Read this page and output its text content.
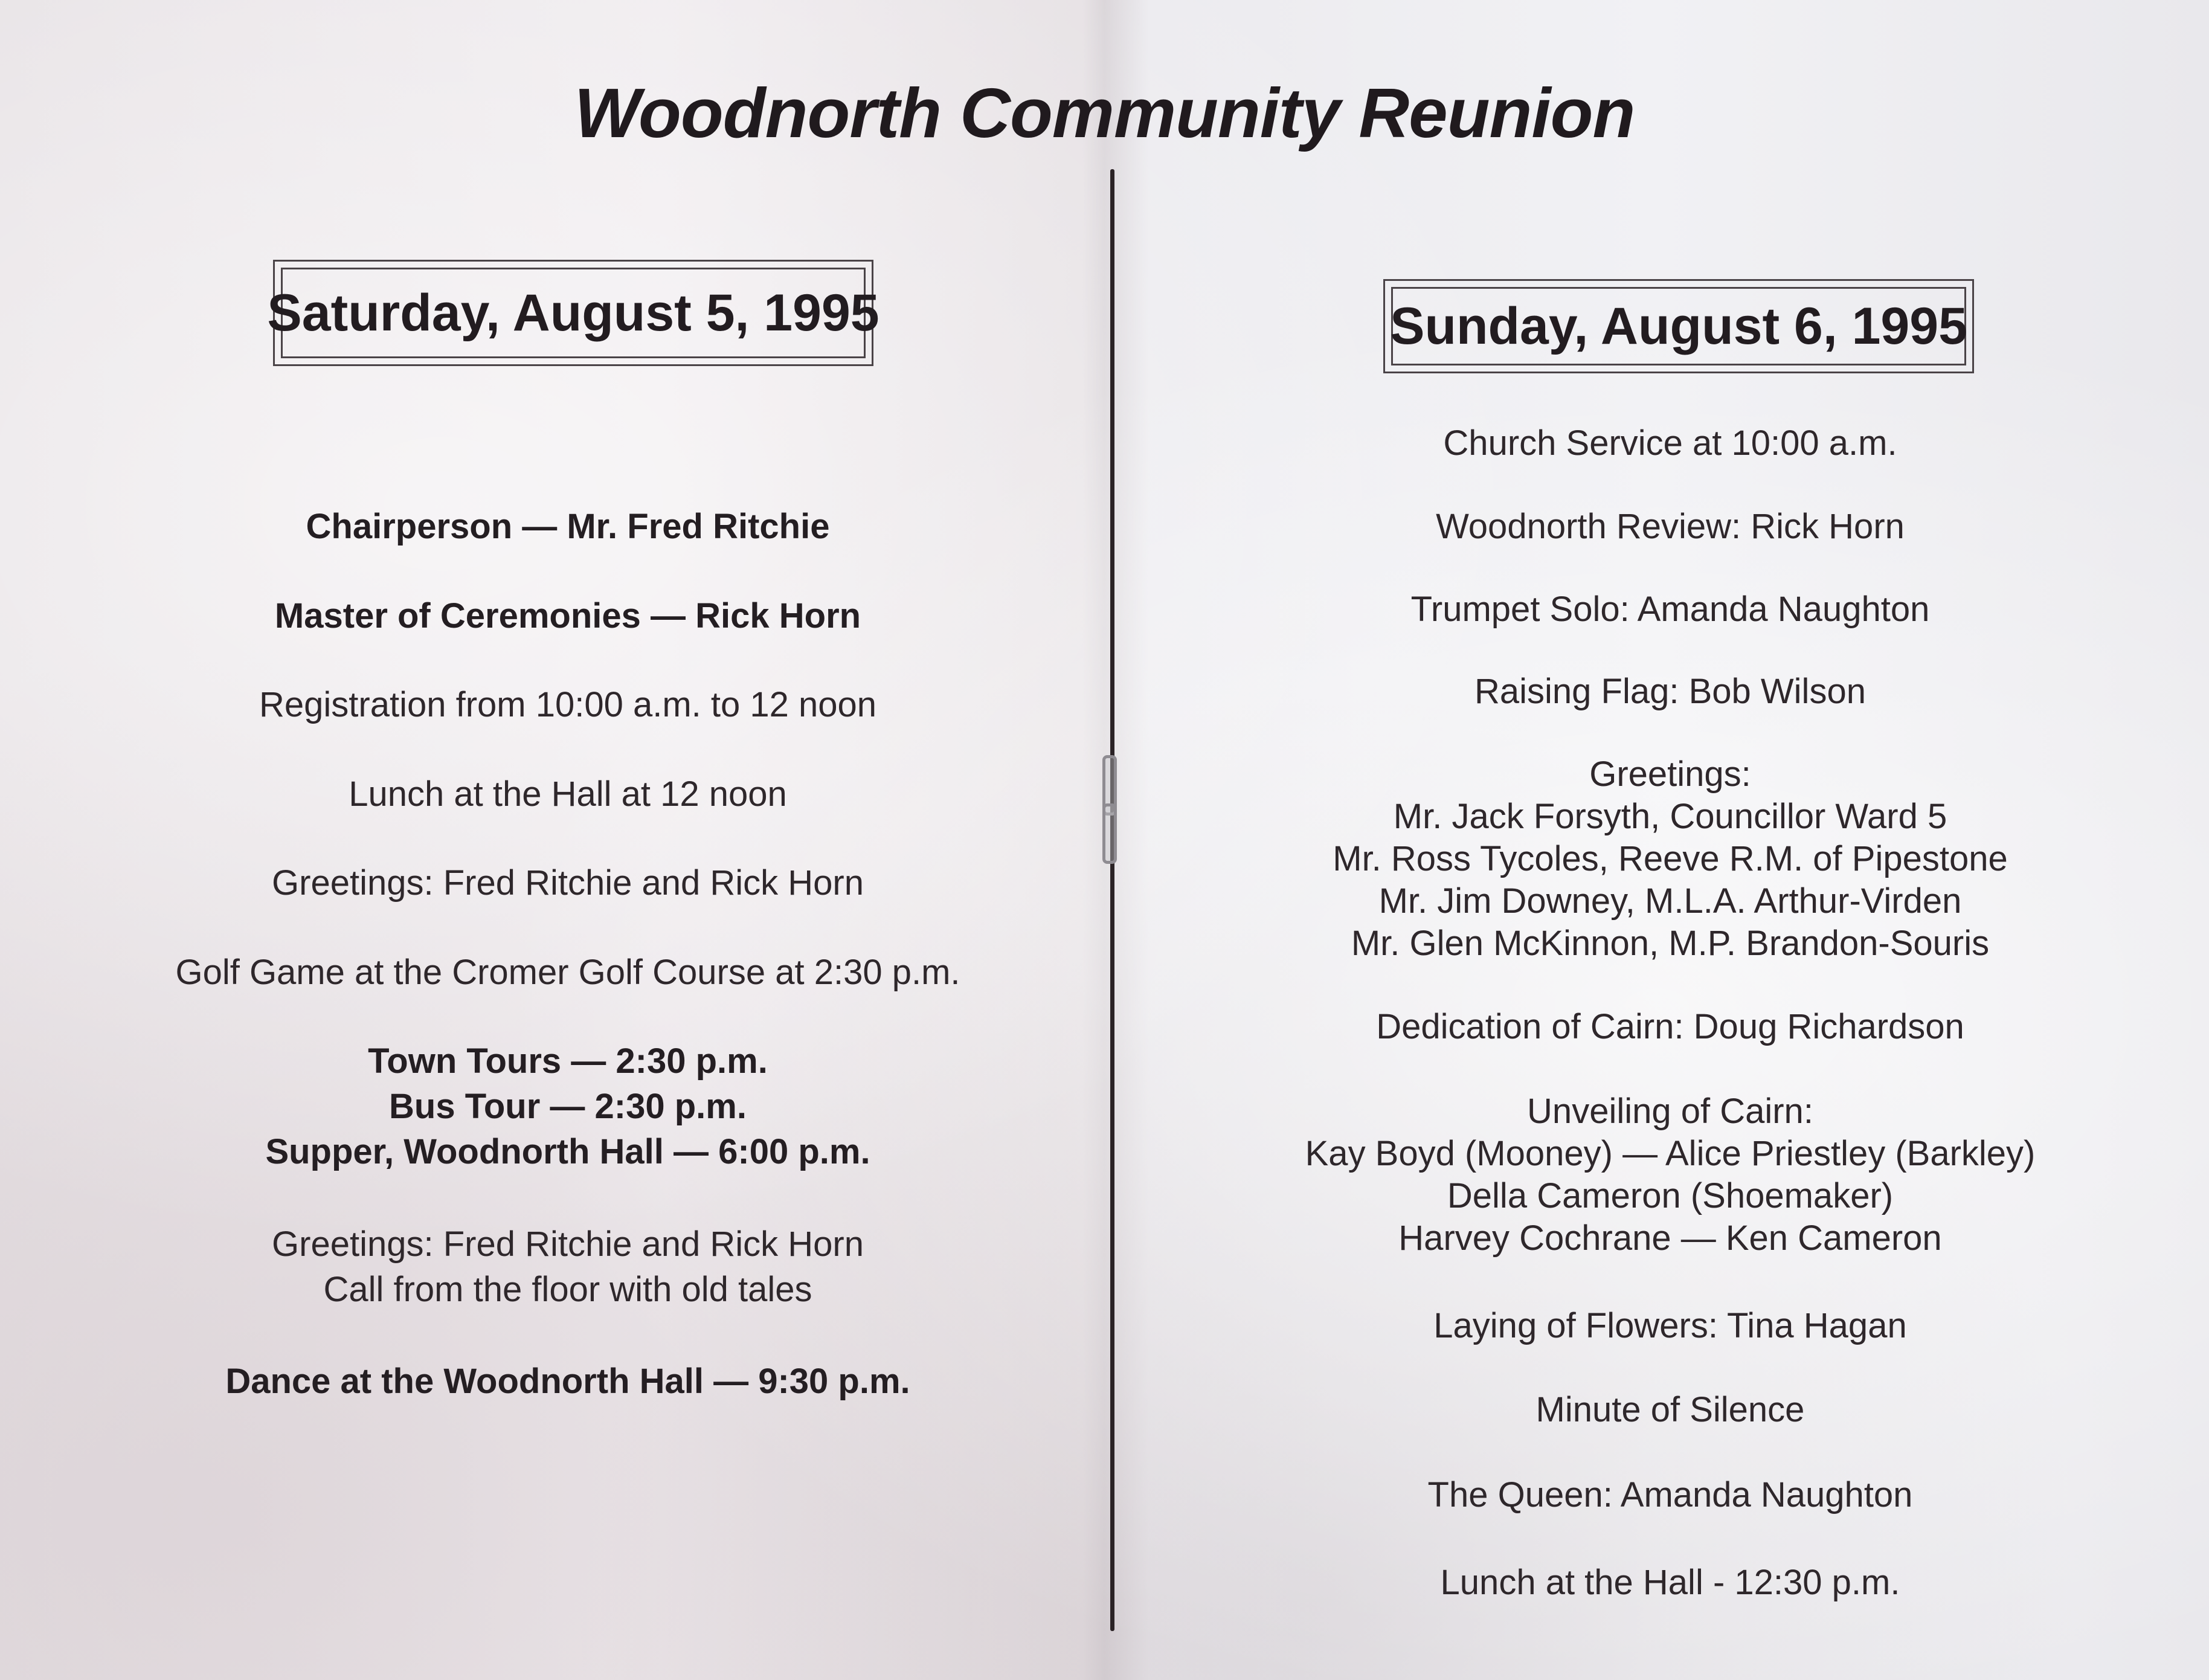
Woodnorth Community Reunion
Saturday, August 5, 1995	Sunday, August 6, 1995
Chairperson — Mr. Fred Ritchie
Master of Ceremonies — Rick Horn
Registration from 10:00 a.m. to 12 noon
Lunch at the Hall at 12 noon
Greetings: Fred Ritchie and Rick Horn
Golf Game at the Cromer Golf Course at 2:30 p.m.
Town Tours — 2:30 p.m.
Bus Tour — 2:30 p.m.
Supper, Woodnorth Hall — 6:00 p.m.
Greetings: Fred Ritchie and Rick Horn
Call from the floor with old tales
Dance at the Woodnorth Hall — 9:30 p.m.
Church Service at 10:00 a.m.
Woodnorth Review: Rick Horn
Trumpet Solo: Amanda Naughton
Raising Flag: Bob Wilson
Greetings:
Mr. Jack Forsyth, Councillor Ward 5
Mr. Ross Tycoles, Reeve R.M. of Pipestone
Mr. Jim Downey, M.L.A. Arthur-Virden
Mr. Glen McKinnon, M.P. Brandon-Souris
Dedication of Cairn: Doug Richardson
Unveiling of Cairn:
Kay Boyd (Mooney) — Alice Priestley (Barkley)
Della Cameron (Shoemaker)
Harvey Cochrane — Ken Cameron
Laying of Flowers: Tina Hagan
Minute of Silence
The Queen: Amanda Naughton
Lunch at the Hall - 12:30 p.m.
